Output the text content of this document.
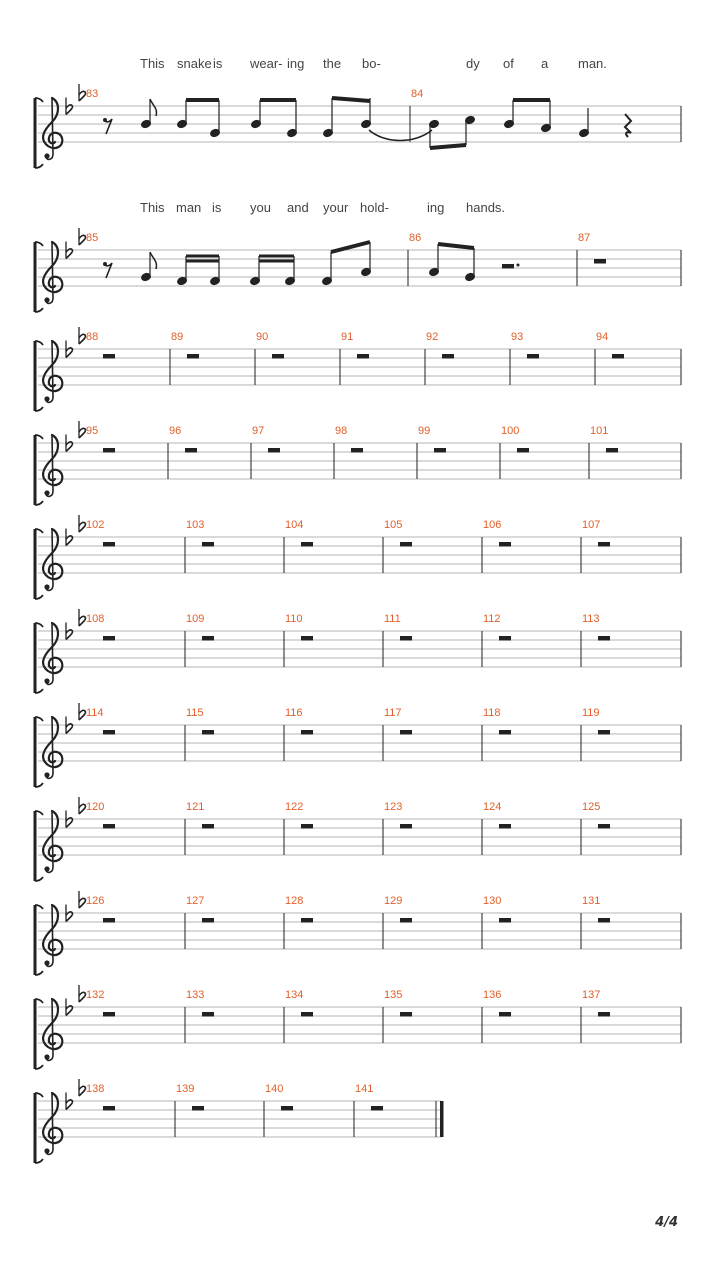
This snake is wear- ing the bo-	dy of a man.
83	84
This man is you and your hold-	ing hands.
85	86	87
88	89	90	91	92	93	94
95	96	97	98	99	100	101
102	103	104	105	106	107
108	109	110	111	112	113
114	115	116	117	118	119
120	121	122	123	124	125
126	127	128	129	130	131
132	133	134	135	136	137
138	139	140	141
4/4
